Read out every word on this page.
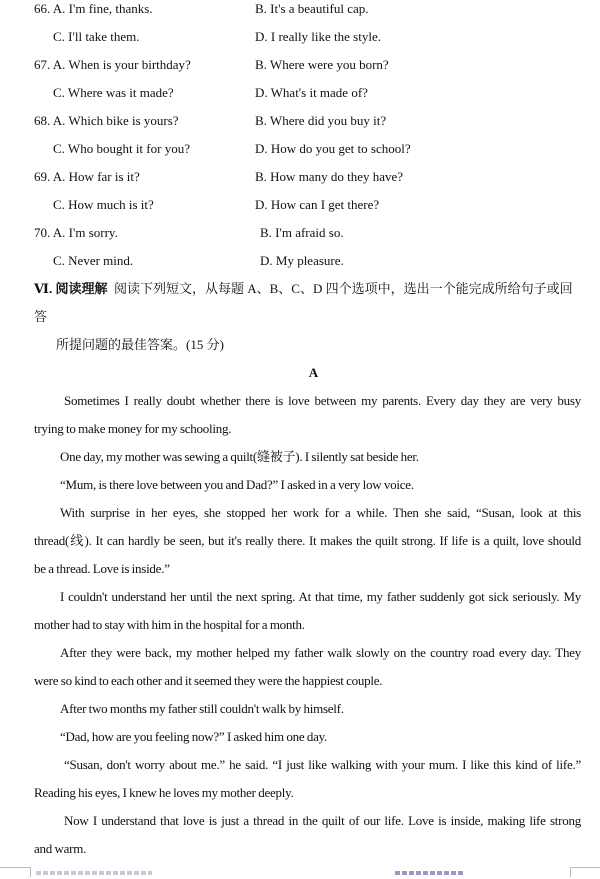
66. A. I'm fine, thanks.	B. It's a beautiful cap.
C. I'll take them.	D. I really like the style.
67. A. When is your birthday?	B. Where were you born?
C. Where was it made?	D. What's it made of?
68. A. Which bike is yours?	B. Where did you buy it?
C. Who bought it for you?	D. How do you get to school?
69. A. How far is it?	B. How many do they have?
C. How much is it?	D. How can I get there?
70. A. I'm sorry.	B. I'm afraid so.
C. Never mind.	D. My pleasure.
Ⅵ. 阅读理解 阅读下列短文，从每题 A、B、C、D 四个选项中，选出一个能完成所给句子或回答
所提问题的最佳答案。(15 分)
A
Sometimes I really doubt whether there is love between my parents. Every day they are very busy
trying to make money for my schooling.
One day, my mother was sewing a quilt(缝被子). I silently sat beside her.
“Mum, is there love between you and Dad?” I asked in a very low voice.
With surprise in her eyes, she stopped her work for a while. Then she said, “Susan, look at this
thread(线). It can hardly be seen, but it's really there. It makes the quilt strong. If life is a quilt, love should
be a thread. Love is inside.”
I couldn't understand her until the next spring. At that time, my father suddenly got sick seriously. My
mother had to stay with him in the hospital for a month.
After they were back, my mother helped my father walk slowly on the country road every day. They
were so kind to each other and it seemed they were the happiest couple.
After two months my father still couldn't walk by himself.
“Dad, how are you feeling now?” I asked him one day.
“Susan, don't worry about me.” he said. “I just like walking with your mum. I like this kind of life.”
Reading his eyes, I knew he loves my mother deeply.
Now I understand that love is just a thread in the quilt of our life. Love is inside, making life strong
and warm.
